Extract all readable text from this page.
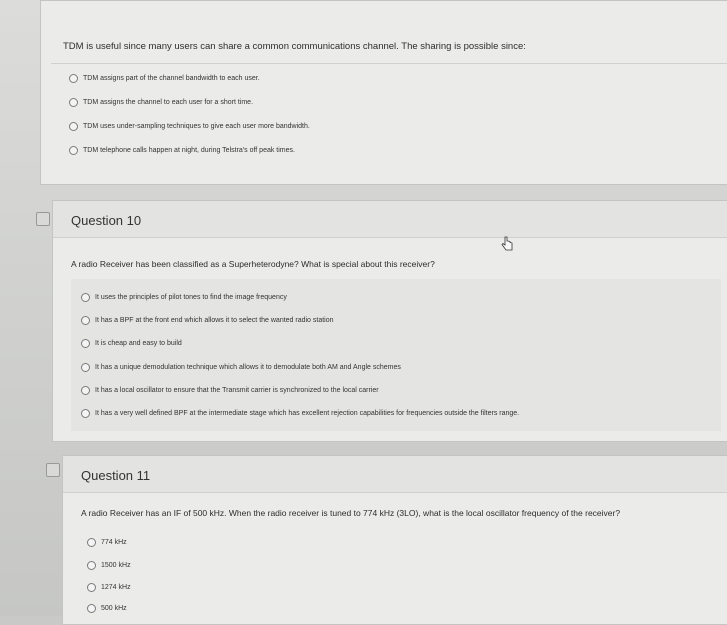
TDM is useful since many users can share a common communications channel. The sharing is possible since:
TDM assigns part of the channel bandwidth to each user.
TDM assigns the channel to each user for a short time.
TDM uses under-sampling techniques to give each user more bandwidth.
TDM telephone calls happen at night, during Telstra's off peak times.
Question 10
A radio Receiver has been classified as a Superheterodyne? What is special about this receiver?
It uses the principles of pilot tones to find the image frequency
It has a BPF at the front end which allows it to select the wanted radio station
It is cheap and easy to build
It has a unique demodulation technique which allows it to demodulate both AM and Angle schemes
It has a local oscillator to ensure that the Transmit carrier is synchronized to the local carrier
It has a very well defined BPF at the intermediate stage which has excellent rejection capabilities for frequencies outside the filters range.
Question 11
A radio Receiver has an IF of 500 kHz. When the radio receiver is tuned to 774 kHz (3LO), what is the local oscillator frequency of the receiver?
774 kHz
1500 kHz
1274 kHz
500 kHz
